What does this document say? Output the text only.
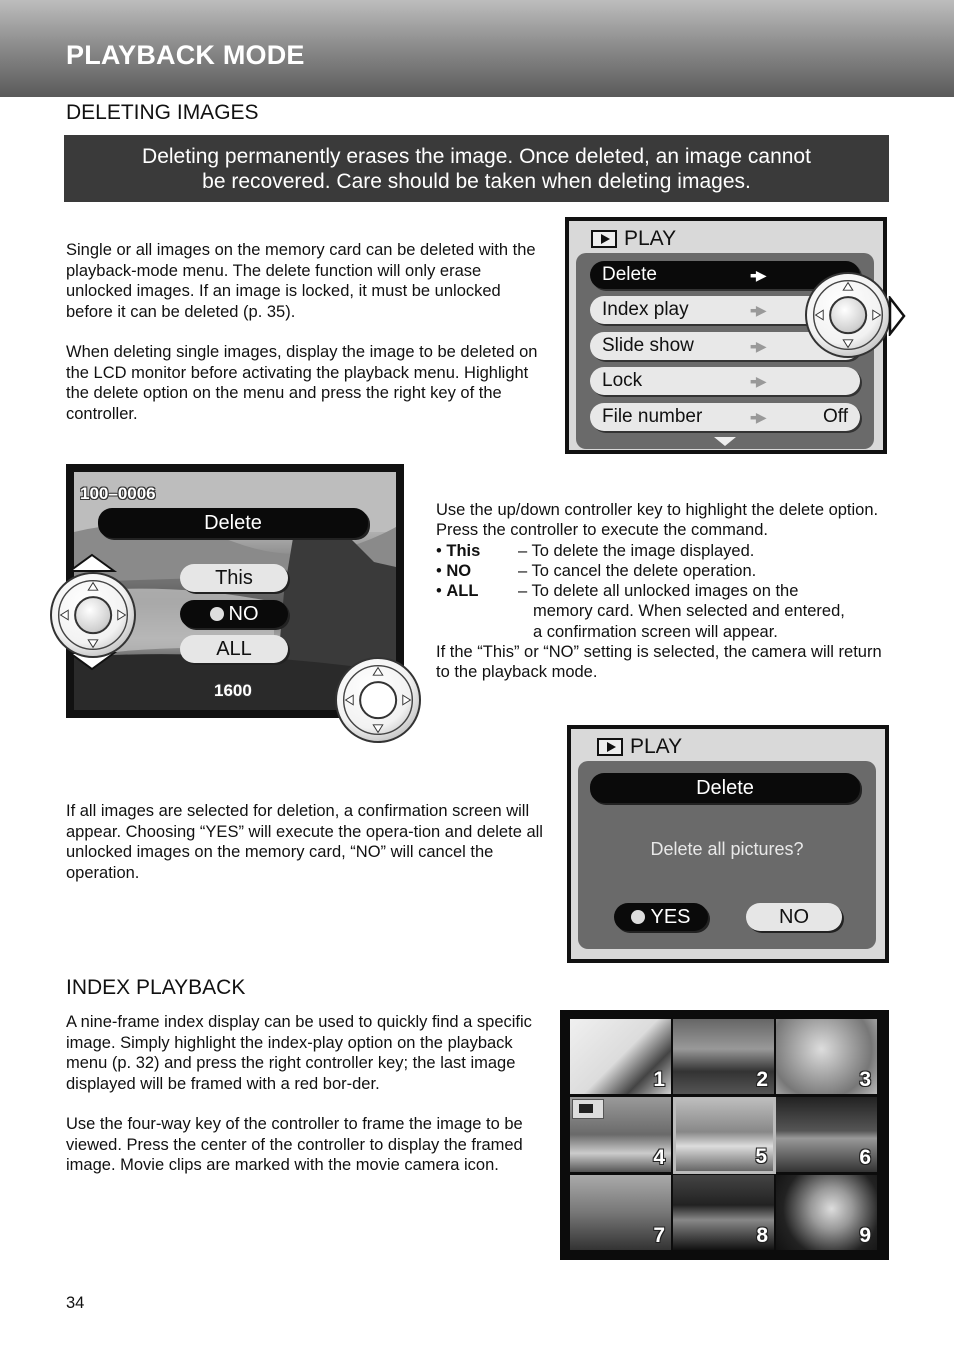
PLAYBACK MODE
DELETING IMAGES
Deleting permanently erases the image. Once deleted, an image cannot
be recovered. Care should be taken when deleting images.

Single or all images on the memory card can be deleted with the playback-mode menu. The delete function will only erase unlocked images. If an image is locked, it must be unlocked before it can be deleted (p. 35).

When deleting single images, display the image to be deleted on the LCD monitor before activating the playback menu. Highlight the delete option on the menu and press the right key of the controller.

PLAY
Delete	▪▪▶
Index play	▪▪▶
Slide show	▪▪▶
Lock	▪▪▶
File number	▪▪▶	Off
100–0006
Delete
This
NO
ALL
1600
Use the up/down controller key to highlight the delete option. Press the controller to execute the command.
• This	– To delete the image displayed.
• NO	– To cancel the delete operation.
• ALL	– To delete all unlocked images on the
memory card. When selected and entered,
a confirmation screen will appear.
If the “This” or “NO” setting is selected, the camera will return to the playback mode.
If all images are selected for deletion, a confirmation screen will appear. Choosing “YES” will execute the opera-tion and delete all unlocked images on the memory card, “NO” will cancel the operation.
PLAY
Delete
Delete all pictures?
YES	NO
INDEX PLAYBACK

A nine-frame index display can be used to quickly find a specific image. Simply highlight the index-play option on the playback menu (p. 32) and press the right controller key; the last image displayed will be framed with a red bor-der.

Use the four-way key of the controller to frame the image to be viewed. Press the center of the controller to display the framed image. Movie clips are marked with the movie camera icon.

1	2	3
4	5	6
7	8	9
34
